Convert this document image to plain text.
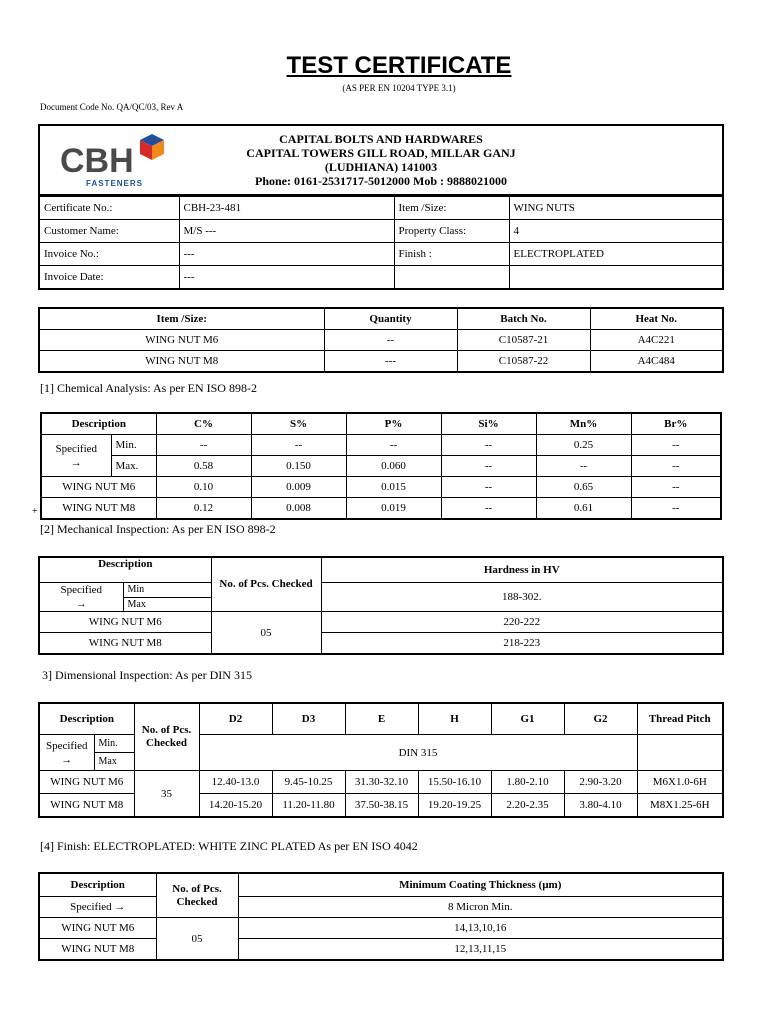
TEST CERTIFICATE
(AS PER EN 10204 TYPE 3.1)
Document Code No. QA/QC/03, Rev A
CBH
FASTENERS
CAPITAL BOLTS AND HARDWARES
CAPITAL TOWERS GILL ROAD, MILLAR GANJ
(LUDHIANA) 141003
Phone: 0161-2531717-5012000 Mob : 9888021000
Certificate No.:	CBH-23-481	Item /Size:	WING NUTS
Customer Name:	M/S ---	Property Class:	4
Invoice No.:	---	Finish :	ELECTROPLATED
Invoice Date:	---		
Item /Size:	Quantity	Batch No.	Heat No.
WING NUT M6	--	C10587-21	A4C221
WING NUT M8	---	C10587-22	A4C484
[1] Chemical Analysis: As per EN ISO 898-2
Description		C%	S%	P%	Si%	Mn%	Br%

Specified
→	Min.	--	--	--	--	0.25	--
	Max.	0.58	0.150	0.060	--	--	--
WING NUT M6		0.10	0.009	0.015	--	0.65	--
WING NUT M8		0.12	0.008	0.019	--	0.61	--
+
[2] Mechanical Inspection: As per EN ISO 898-2
Description		No. of Pcs. Checked	Hardness in HV

Specified
→	Min		188-302.
	Max		
WING NUT M6		05	220-222
WING NUT M8			218-223
3] Dimensional Inspection: As per DIN 315
Description		No. of Pcs. Checked	D2	D3	E	H	G1	G2	Thread Pitch

Specified
→	Min.		DIN 315						
	Max								
WING NUT M6		35	12.40-13.0	9.45-10.25	31.30-32.10	15.50-16.10	1.80-2.10	2.90-3.20	M6X1.0-6H
WING NUT M8			14.20-15.20	11.20-11.80	37.50-38.15	19.20-19.25	2.20-2.35	3.80-4.10	M8X1.25-6H
[4] Finish: ELECTROPLATED: WHITE ZINC PLATED As per EN ISO 4042
Description	No. of Pcs. Checked	Minimum Coating Thickness (µm)
Specified →		8 Micron Min.
WING NUT M6	05	14,13,10,16
WING NUT M8		12,13,11,15
